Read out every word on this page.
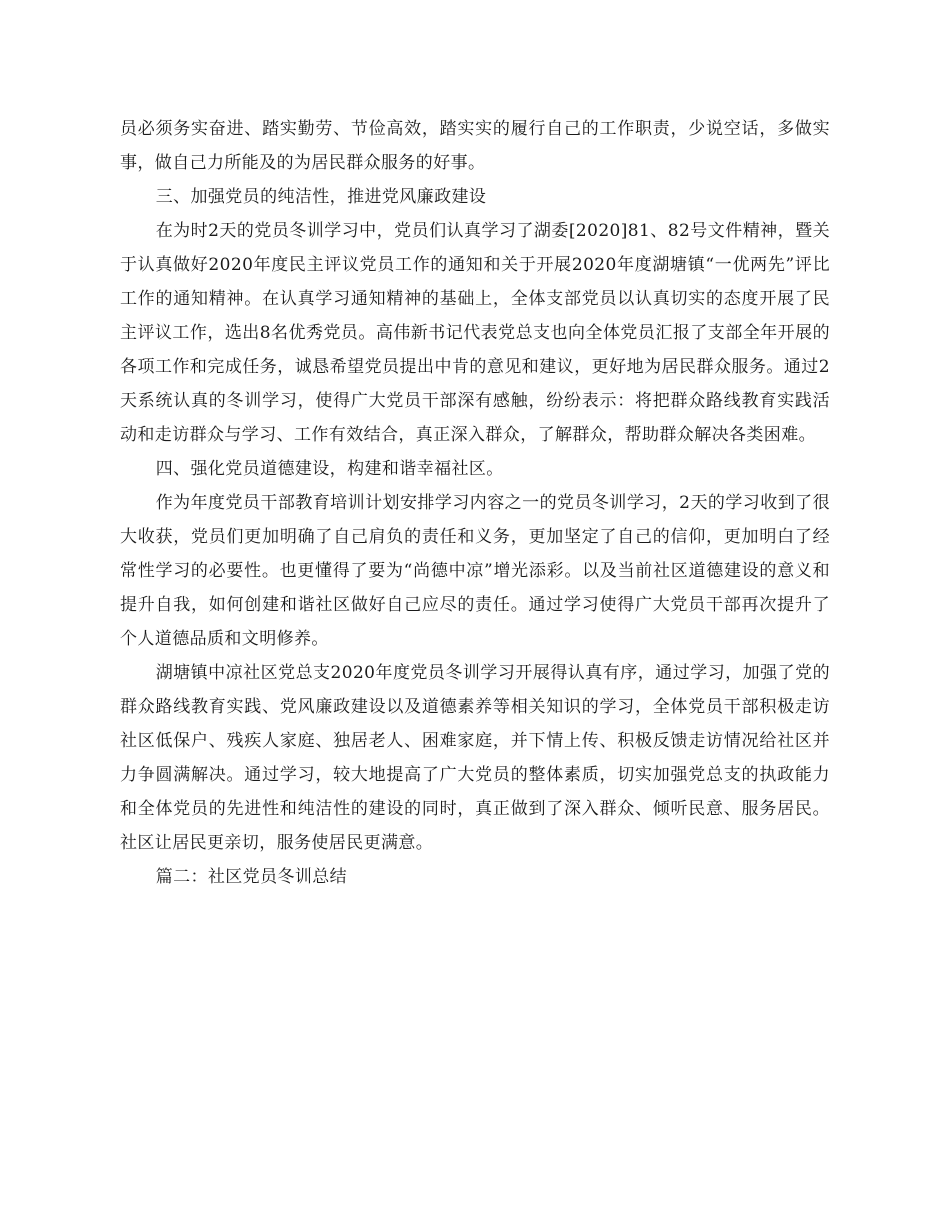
员必须务实奋进、踏实勤劳、节俭高效，踏实实的履行自己的工作职责，少说空话，多做实事，做自己力所能及的为居民群众服务的好事。

三、加强党员的纯洁性，推进党风廉政建设

在为时2天的党员冬训学习中，党员们认真学习了湖委[2020]81、82号文件精神，暨关于认真做好2020年度民主评议党员工作的通知和关于开展2020年度湖塘镇“一优两先”评比工作的通知精神。在认真学习通知精神的基础上，全体支部党员以认真切实的态度开展了民主评议工作，选出8名优秀党员。高伟新书记代表党总支也向全体党员汇报了支部全年开展的各项工作和完成任务，诚恳希望党员提出中肯的意见和建议，更好地为居民群众服务。通过2天系统认真的冬训学习，使得广大党员干部深有感触，纷纷表示：将把群众路线教育实践活动和走访群众与学习、工作有效结合，真正深入群众，了解群众，帮助群众解决各类困难。

四、强化党员道德建设，构建和谐幸福社区。

作为年度党员干部教育培训计划安排学习内容之一的党员冬训学习，2天的学习收到了很大收获，党员们更加明确了自己肩负的责任和义务，更加坚定了自己的信仰，更加明白了经常性学习的必要性。也更懂得了要为“尚德中凉”增光添彩。以及当前社区道德建设的意义和提升自我，如何创建和谐社区做好自己应尽的责任。通过学习使得广大党员干部再次提升了个人道德品质和文明修养。

湖塘镇中凉社区党总支2020年度党员冬训学习开展得认真有序，通过学习，加强了党的群众路线教育实践、党风廉政建设以及道德素养等相关知识的学习，全体党员干部积极走访社区低保户、残疾人家庭、独居老人、困难家庭，并下情上传、积极反馈走访情况给社区并力争圆满解决。通过学习，较大地提高了广大党员的整体素质，切实加强党总支的执政能力和全体党员的先进性和纯洁性的建设的同时，真正做到了深入群众、倾听民意、服务居民。社区让居民更亲切，服务使居民更满意。

篇二：社区党员冬训总结
